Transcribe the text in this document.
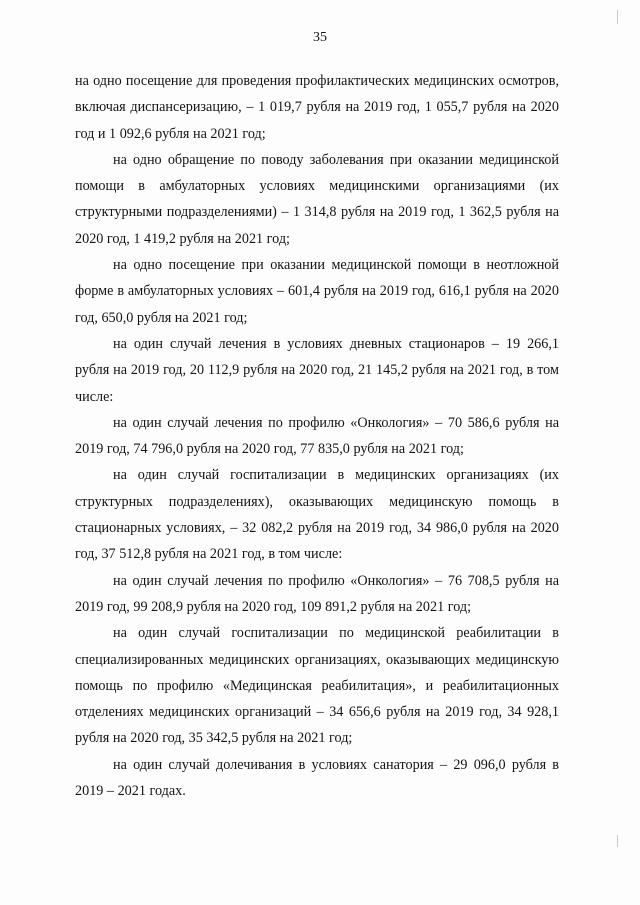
35

на одно посещение для проведения профилактических медицинских осмотров, включая диспансеризацию, – 1 019,7 рубля на 2019 год, 1 055,7 рубля на 2020 год и 1 092,6 рубля на 2021 год;

на одно обращение по поводу заболевания при оказании медицинской помощи в амбулаторных условиях медицинскими организациями (их структурными подразделениями) – 1 314,8 рубля на 2019 год, 1 362,5 рубля на 2020 год, 1 419,2 рубля на 2021 год;

на одно посещение при оказании медицинской помощи в неотложной форме в амбулаторных условиях – 601,4 рубля на 2019 год, 616,1 рубля на 2020 год, 650,0 рубля на 2021 год;

на один случай лечения в условиях дневных стационаров – 19 266,1 рубля на 2019 год, 20 112,9 рубля на 2020 год, 21 145,2 рубля на 2021 год, в том числе:

на один случай лечения по профилю «Онкология» – 70 586,6 рубля на 2019 год, 74 796,0 рубля на 2020 год, 77 835,0 рубля на 2021 год;

на один случай госпитализации в медицинских организациях (их структурных подразделениях), оказывающих медицинскую помощь в стационарных условиях, – 32 082,2 рубля на 2019 год, 34 986,0 рубля на 2020 год, 37 512,8 рубля на 2021 год, в том числе:

на один случай лечения по профилю «Онкология» – 76 708,5 рубля на 2019 год, 99 208,9 рубля на 2020 год, 109 891,2 рубля на 2021 год;

на один случай госпитализации по медицинской реабилитации в специализированных медицинских организациях, оказывающих медицинскую помощь по профилю «Медицинская реабилитация», и реабилитационных отделениях медицинских организаций – 34 656,6 рубля на 2019 год, 34 928,1 рубля на 2020 год, 35 342,5 рубля на 2021 год;

на один случай долечивания в условиях санатория – 29 096,0 рубля в 2019 – 2021 годах.
